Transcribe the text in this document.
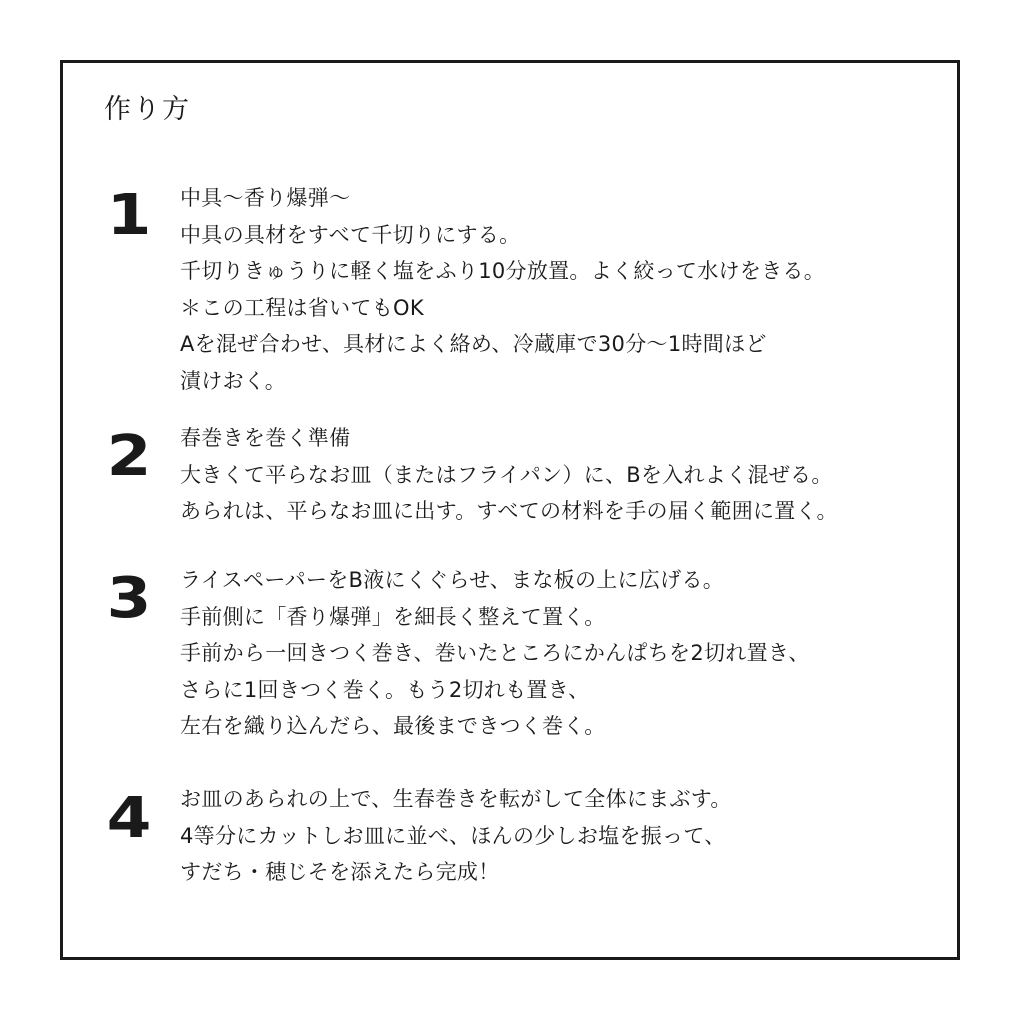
作り方
1	中具〜香り爆弾〜
中具の具材をすべて千切りにする。
千切りきゅうりに軽く塩をふり10分放置。よく絞って水けをきる。
＊この工程は省いてもOK
Aを混ぜ合わせ、具材によく絡め、冷蔵庫で30分〜1時間ほど
漬けおく。
2	春巻きを巻く準備
大きくて平らなお皿（またはフライパン）に、Bを入れよく混ぜる。
あられは、平らなお皿に出す。すべての材料を手の届く範囲に置く。
3	ライスペーパーをB液にくぐらせ、まな板の上に広げる。
手前側に「香り爆弾」を細長く整えて置く。
手前から一回きつく巻き、巻いたところにかんぱちを2切れ置き、
さらに1回きつく巻く。もう2切れも置き、
左右を織り込んだら、最後まできつく巻く。
4	お皿のあられの上で、生春巻きを転がして全体にまぶす。
4等分にカットしお皿に並べ、ほんの少しお塩を振って、
すだち・穂じそを添えたら完成！
